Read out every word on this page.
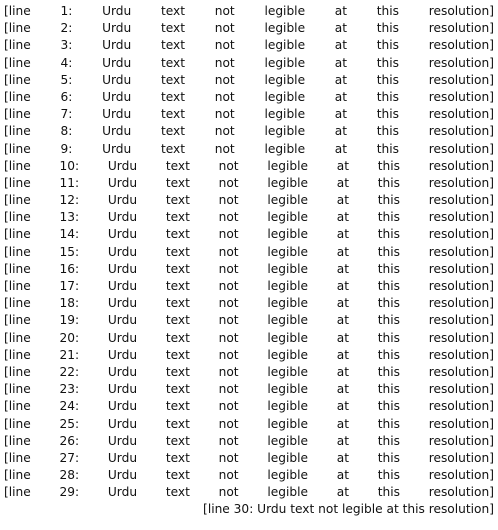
[line 1: Urdu text not legible at this resolution]
[line 2: Urdu text not legible at this resolution]
[line 3: Urdu text not legible at this resolution]
[line 4: Urdu text not legible at this resolution]
[line 5: Urdu text not legible at this resolution]
[line 6: Urdu text not legible at this resolution]
[line 7: Urdu text not legible at this resolution]
[line 8: Urdu text not legible at this resolution]
[line 9: Urdu text not legible at this resolution]
[line 10: Urdu text not legible at this resolution]
[line 11: Urdu text not legible at this resolution]
[line 12: Urdu text not legible at this resolution]
[line 13: Urdu text not legible at this resolution]
[line 14: Urdu text not legible at this resolution]
[line 15: Urdu text not legible at this resolution]
[line 16: Urdu text not legible at this resolution]
[line 17: Urdu text not legible at this resolution]
[line 18: Urdu text not legible at this resolution]
[line 19: Urdu text not legible at this resolution]
[line 20: Urdu text not legible at this resolution]
[line 21: Urdu text not legible at this resolution]
[line 22: Urdu text not legible at this resolution]
[line 23: Urdu text not legible at this resolution]
[line 24: Urdu text not legible at this resolution]
[line 25: Urdu text not legible at this resolution]
[line 26: Urdu text not legible at this resolution]
[line 27: Urdu text not legible at this resolution]
[line 28: Urdu text not legible at this resolution]
[line 29: Urdu text not legible at this resolution]
[line 30: Urdu text not legible at this resolution]
